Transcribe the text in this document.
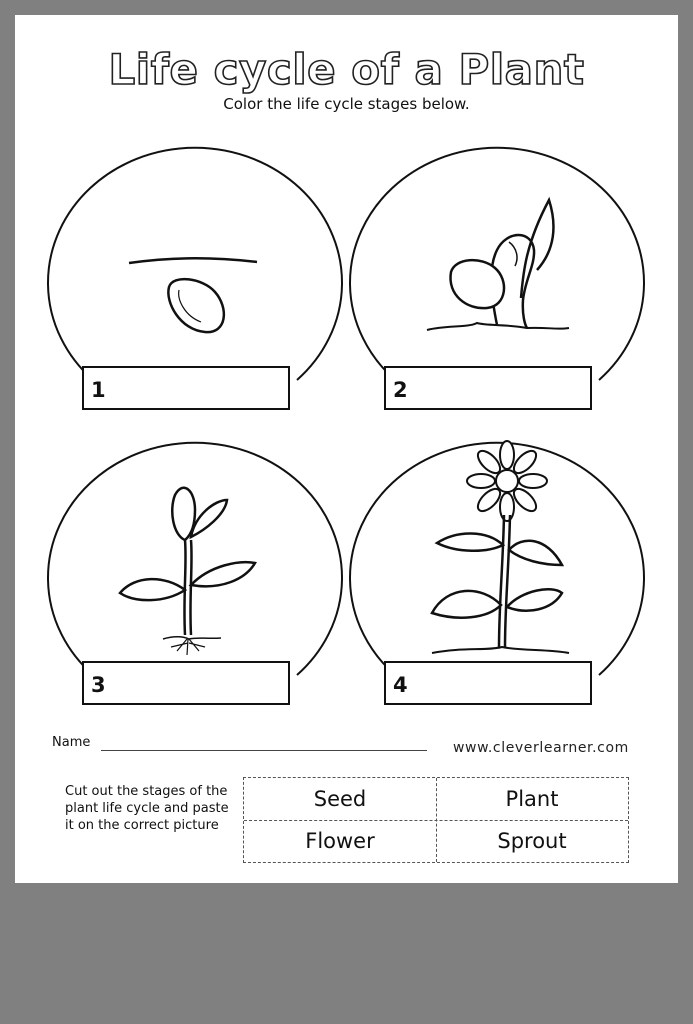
Life cycle of a Plant
Color the life cycle stages below.
1	2
3	4
Name	www.cleverlearner.com
Cut out the stages of the plant life cycle and paste it on the correct picture
Seed	Plant
Flower	Sprout
